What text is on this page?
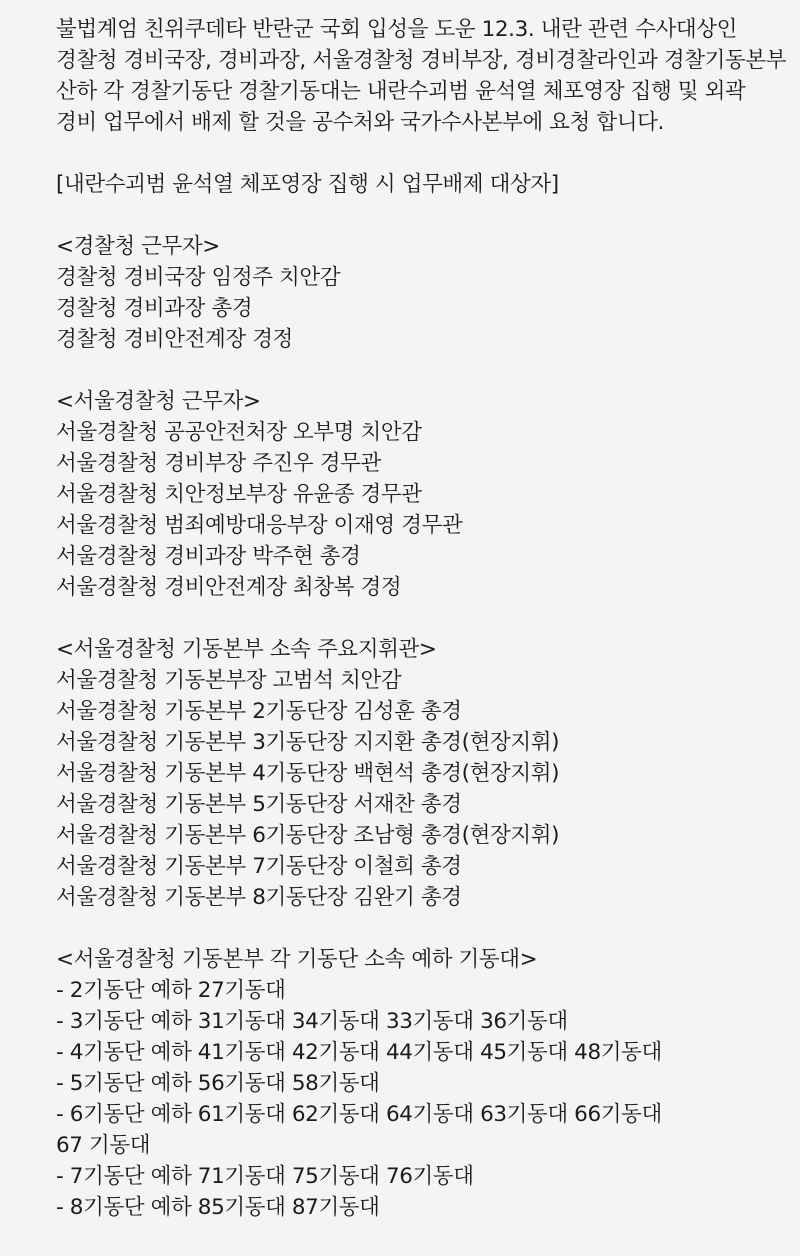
불법계엄 친위쿠데타 반란군 국회 입성을 도운 12.3. 내란 관련 수사대상인 경찰청 경비국장, 경비과장, 서울경찰청 경비부장, 경비경찰라인과 경찰기동본부 산하 각 경찰기동단 경찰기동대는 내란수괴범 윤석열 체포영장 집행 및 외곽 경비 업무에서 배제 할 것을 공수처와 국가수사본부에 요청 합니다.

[내란수괴범 윤석열 체포영장 집행 시 업무배제 대상자]
<경찰청 근무자>
경찰청 경비국장 임정주 치안감
경찰청 경비과장 총경
경찰청 경비안전계장 경정
<서울경찰청 근무자>
서울경찰청 공공안전처장 오부명 치안감
서울경찰청 경비부장 주진우 경무관
서울경찰청 치안정보부장 유윤종 경무관
서울경찰청 범죄예방대응부장 이재영 경무관
서울경찰청 경비과장 박주현 총경
서울경찰청 경비안전계장 최창복 경정
<서울경찰청 기동본부 소속 주요지휘관>
서울경찰청 기동본부장 고범석 치안감
서울경찰청 기동본부 2기동단장 김성훈 총경
서울경찰청 기동본부 3기동단장 지지환 총경(현장지휘)
서울경찰청 기동본부 4기동단장 백현석 총경(현장지휘)
서울경찰청 기동본부 5기동단장 서재찬 총경
서울경찰청 기동본부 6기동단장 조남형 총경(현장지휘)
서울경찰청 기동본부 7기동단장 이철희 총경
서울경찰청 기동본부 8기동단장 김완기 총경
<서울경찰청 기동본부 각 기동단 소속 예하 기동대>
- 2기동단 예하 27기동대
- 3기동단 예하 31기동대 34기동대 33기동대 36기동대
- 4기동단 예하 41기동대 42기동대 44기동대 45기동대 48기동대
- 5기동단 예하 56기동대 58기동대
- 6기동단 예하 61기동대 62기동대 64기동대 63기동대 66기동대
67 기동대
- 7기동단 예하 71기동대 75기동대 76기동대
- 8기동단 예하 85기동대 87기동대
